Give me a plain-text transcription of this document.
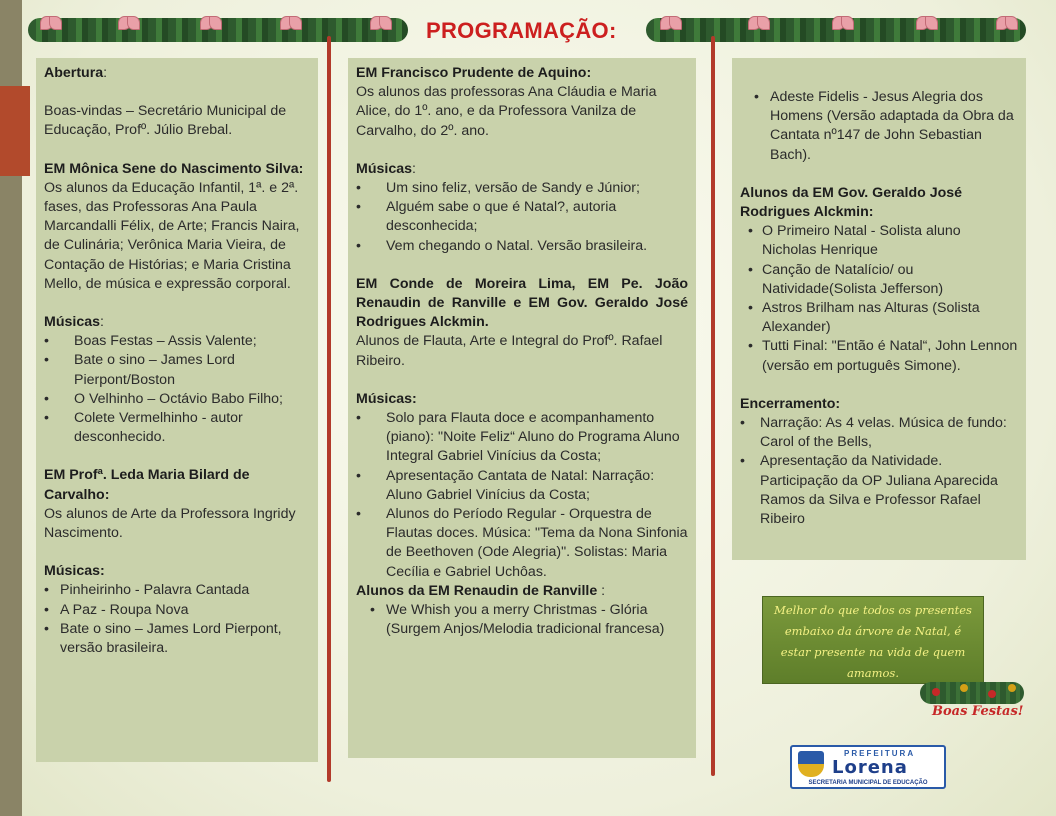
PROGRAMAÇÃO:
Abertura:
Boas-vindas – Secretário Municipal de Educação, Profº. Júlio Brebal.
EM Mônica Sene do Nascimento Silva:
Os alunos da Educação Infantil, 1ª. e 2ª. fases, das Professoras Ana Paula Marcandalli Félix, de Arte; Francis Naira, de Culinária; Verônica Maria Vieira, de Contação de Histórias; e Maria Cristina Mello, de música e expressão corporal.
Músicas:
• Boas Festas – Assis Valente;
• Bate o sino – James Lord Pierpont/Boston
• O Velhinho – Octávio Babo Filho;
• Colete Vermelhinho - autor desconhecido.
EM Profª. Leda Maria Bilard de Carvalho:
Os alunos de Arte da Professora Ingridy Nascimento.
Músicas:
• Pinheirinho - Palavra Cantada
• A Paz - Roupa Nova
• Bate o sino – James Lord Pierpont, versão brasileira.
EM Francisco Prudente de Aquino:
Os alunos das professoras Ana Cláudia e Maria Alice, do 1º. ano, e da Professora Vanilza de Carvalho, do 2º. ano.
Músicas:
• Um sino feliz, versão de Sandy e Júnior;
• Alguém sabe o que é Natal?, autoria desconhecida;
• Vem chegando o Natal. Versão brasileira.
EM Conde de Moreira Lima, EM Pe. João Renaudin de Ranville e EM Gov. Geraldo José Rodrigues Alckmin.
Alunos de Flauta, Arte e Integral do Profº. Rafael Ribeiro.
Músicas:
• Solo para Flauta doce e acompanhamento (piano): "Noite Feliz“ Aluno do Programa Aluno Integral Gabriel Vinícius da Costa;
• Apresentação Cantata de Natal: Narração: Aluno Gabriel Vinícius da Costa;
• Alunos do Período Regular - Orquestra de Flautas doces. Música: "Tema da Nona Sinfonia de Beethoven (Ode Alegria)". Solistas: Maria Cecília e Gabriel Uchôas.
Alunos da EM Renaudin de Ranville :
• We Whish you a merry Christmas - Glória (Surgem Anjos/Melodia tradicional francesa)
• Adeste Fidelis - Jesus Alegria dos Homens (Versão adaptada da Obra da Cantata nº147 de John Sebastian Bach).
Alunos da EM Gov. Geraldo José Rodrigues Alckmin:
• O Primeiro Natal - Solista aluno Nicholas Henrique
• Canção de Natalício/ ou Natividade(Solista Jefferson)
• Astros Brilham nas Alturas (Solista Alexander)
• Tutti Final: "Então é Natal“, John Lennon (versão em português Simone).
Encerramento:
• Narração: As 4 velas. Música de fundo: Carol of the Bells,
• Apresentação da Natividade. Participação da OP Juliana Aparecida Ramos da Silva e Professor Rafael Ribeiro
Melhor do que todos os presentes embaixo da árvore de Natal, é estar presente na vida de quem amamos.
Boas Festas!
PREFEITURA
Lorena
SECRETARIA MUNICIPAL DE EDUCAÇÃO
